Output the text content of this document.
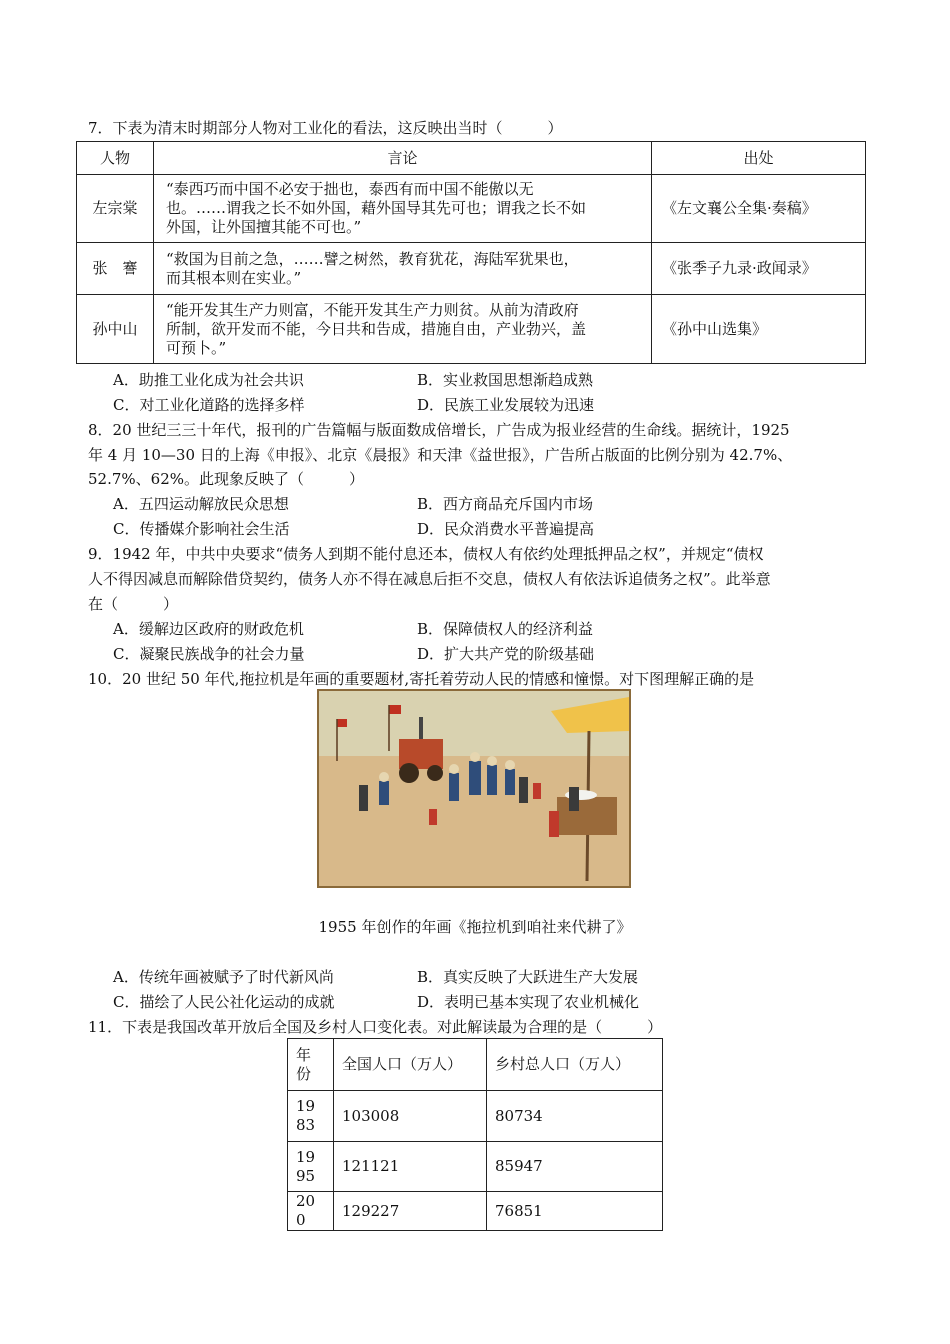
7．下表为清末时期部分人物对工业化的看法，这反映出当时（　　　）
人物	言论	出处
左宗棠	“泰西巧而中国不必安于拙也，泰西有而中国不能傲以无
也。……谓我之长不如外国，藉外国导其先可也；谓我之长不如
外国，让外国擅其能不可也。”	《左文襄公全集·奏稿》
张　謇	“救国为目前之急，……譬之树然，教育犹花，海陆军犹果也，
而其根本则在实业。”	《张季子九录·政闻录》
孙中山	“能开发其生产力则富，不能开发其生产力则贫。从前为清政府
所制，欲开发而不能，今日共和告成，措施自由，产业勃兴，盖
可预卜。”	《孙中山选集》
A．助推工业化成为社会共识	B．实业救国思想渐趋成熟
C．对工业化道路的选择多样	D．民族工业发展较为迅速
8．20 世纪三三十年代，报刊的广告篇幅与版面数成倍增长，广告成为报业经营的生命线。据统计，1925
年 4 月 10—30 日的上海《申报》、北京《晨报》和天津《益世报》，广告所占版面的比例分别为 42.7%、
52.7%、62%。此现象反映了（　　　）
A．五四运动解放民众思想	B．西方商品充斥国内市场
C．传播媒介影响社会生活	D．民众消费水平普遍提高
9．1942 年，中共中央要求“债务人到期不能付息还本，债权人有依约处理抵押品之权”，并规定“债权
人不得因减息而解除借贷契约，债务人亦不得在减息后拒不交息，债权人有依法诉追债务之权”。此举意
在（　　　）
A．缓解边区政府的财政危机	B．保障债权人的经济利益
C．凝聚民族战争的社会力量	D．扩大共产党的阶级基础
10．20 世纪 50 年代,拖拉机是年画的重要题材,寄托着劳动人民的情感和憧憬。对下图理解正确的是
1955 年创作的年画《拖拉机到咱社来代耕了》
A．传统年画被赋予了时代新风尚	B．真实反映了大跃进生产大发展
C．描绘了人民公社化运动的成就	D．表明已基本实现了农业机械化
11．下表是我国改革开放后全国及乡村人口变化表。对此解读最为合理的是（　　　）
年份	全国人口（万人）	乡村总人口（万人）

1983	103008	80734

1995	121121	85947

200	129227	76851
